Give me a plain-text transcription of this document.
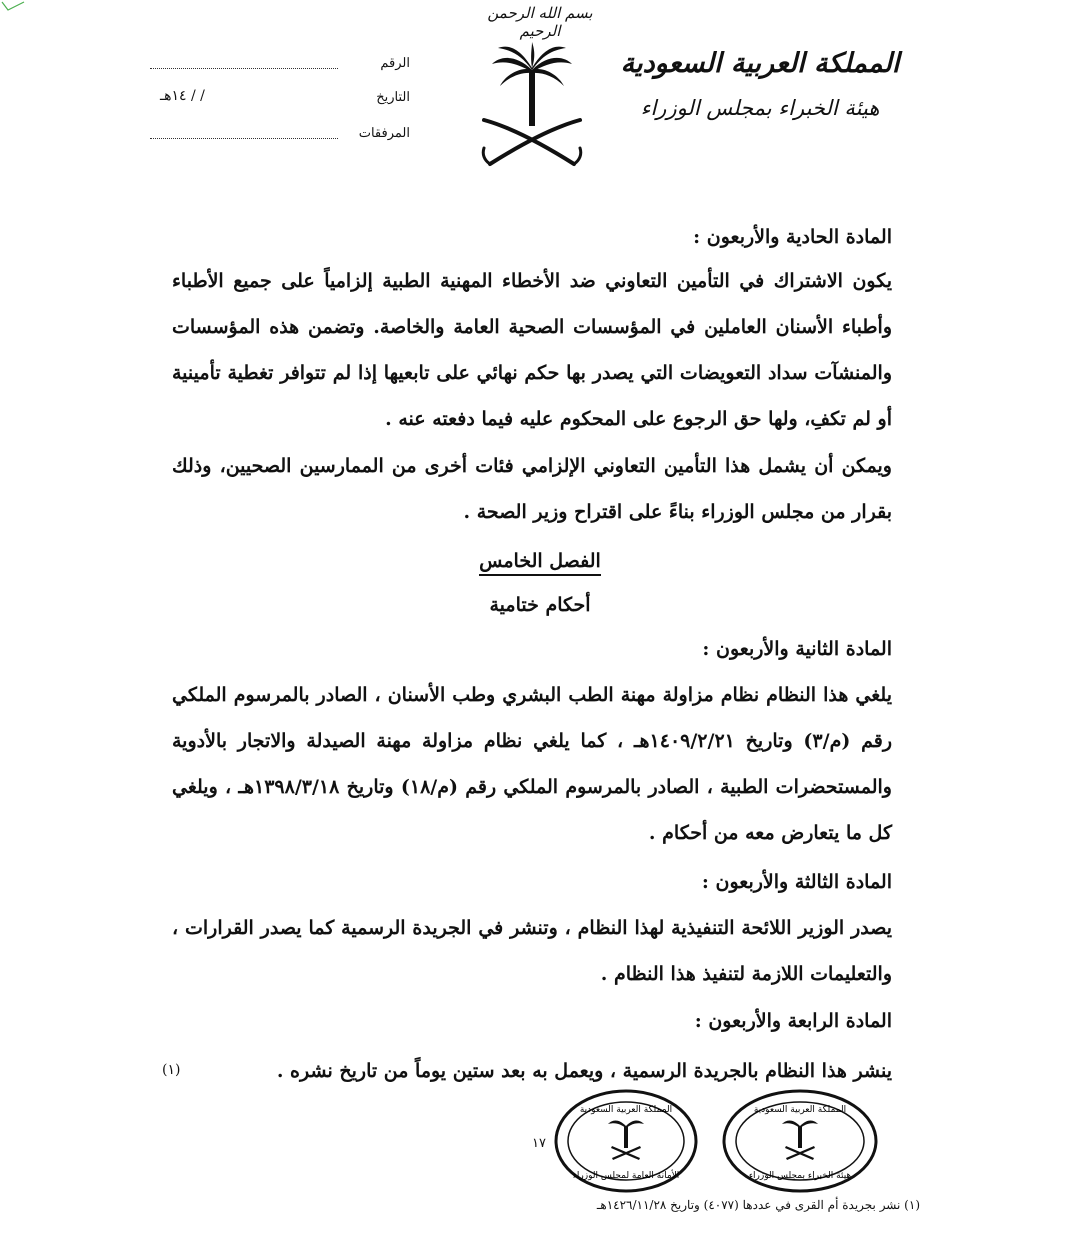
بسم الله الرحمن الرحيم
المملكة العربية السعودية
هيئة الخبراء بمجلس الوزراء
الرقم
التاريخ
/ / ١٤هـ
المرفقات
المادة الحادية والأربعون :

يكون الاشتراك في التأمين التعاوني ضد الأخطاء المهنية الطبية إلزامياً على جميع الأطباء وأطباء الأسنان العاملين في المؤسسات الصحية العامة والخاصة. وتضمن هذه المؤسسات والمنشآت سداد التعويضات التي يصدر بها حكم نهائي على تابعيها إذا لم تتوافر تغطية تأمينية أو لم تكفِ، ولها حق الرجوع على المحكوم عليه فيما دفعته عنه .

ويمكن أن يشمل هذا التأمين التعاوني الإلزامي فئات أخرى من الممارسين الصحيين، وذلك بقرار من مجلس الوزراء بناءً على اقتراح وزير الصحة .

الفصل الخامس
أحكام ختامية
المادة الثانية والأربعون :

يلغي هذا النظام نظام مزاولة مهنة الطب البشري وطب الأسنان ، الصادر بالمرسوم الملكي رقم (م/٣) وتاريخ ١٤٠٩/٢/٢١هـ ، كما يلغي نظام مزاولة مهنة الصيدلة والاتجار بالأدوية والمستحضرات الطبية ، الصادر بالمرسوم الملكي رقم (م/١٨) وتاريخ ١٣٩٨/٣/١٨هـ ، ويلغي كل ما يتعارض معه من أحكام .

المادة الثالثة والأربعون :

يصدر الوزير اللائحة التنفيذية لهذا النظام ، وتنشر في الجريدة الرسمية كما يصدر القرارات ، والتعليمات اللازمة لتنفيذ هذا النظام .

المادة الرابعة والأربعون :
ينشر هذا النظام بالجريدة الرسمية ، ويعمل به بعد ستين يوماً من تاريخ نشره .
(١)
المملكة العربية السعودية
الأمانة العامة لمجلس الوزراء
المملكة العربية السعودية
هيئة الخبراء بمجلس الوزراء
١٧
(١) نشر بجريدة أم القرى في عددها (٤٠٧٧) وتاريخ ١٤٢٦/١١/٢٨هـ
